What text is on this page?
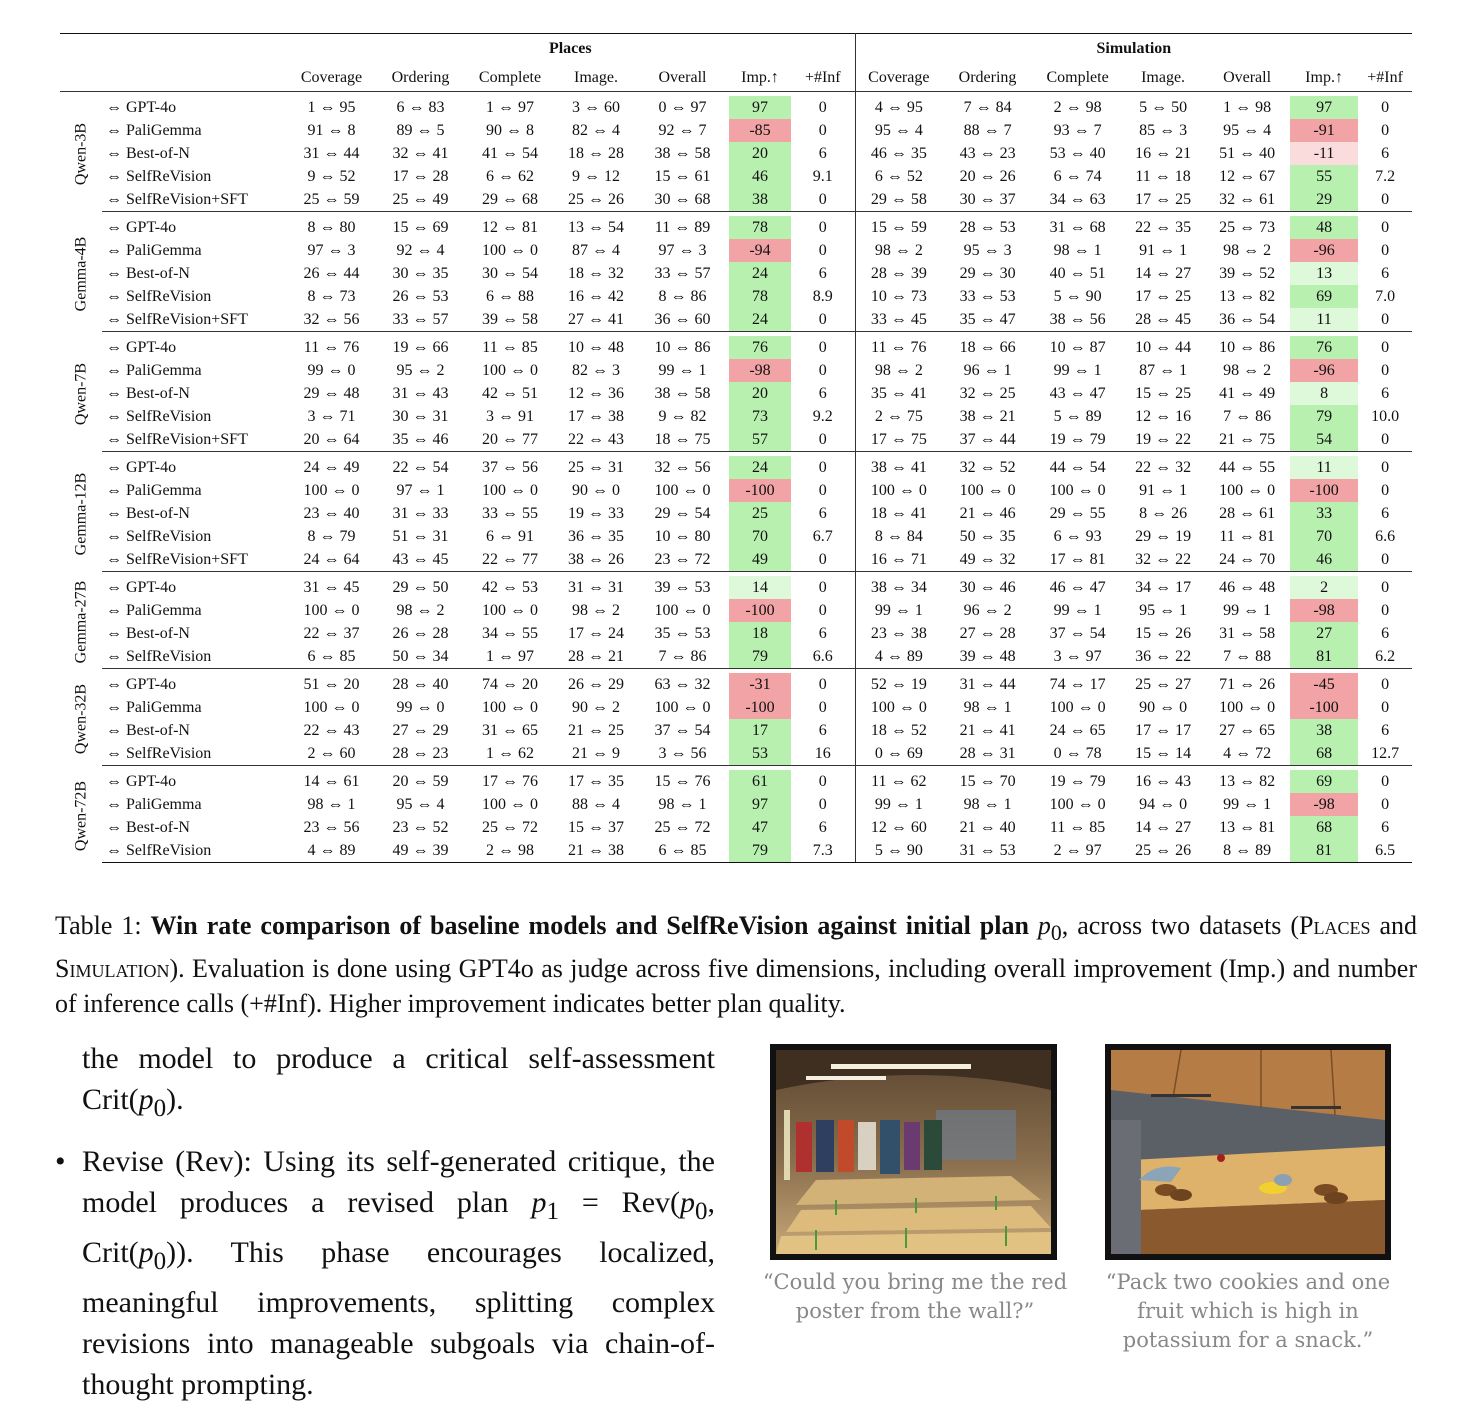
		Places							Simulation						
		Coverage	Ordering	Complete	Image.	Overall	Imp.↑	+#Inf	Coverage	Ordering	Complete	Image.	Overall	Imp.↑	+#Inf

Qwen-3B	⇔ GPT-4o	1 ⇔ 95	6 ⇔ 83	1 ⇔ 97	3 ⇔ 60	0 ⇔ 97	97	0	4 ⇔ 95	7 ⇔ 84	2 ⇔ 98	5 ⇔ 50	1 ⇔ 98	97	0
	⇔ PaliGemma	91 ⇔ 8	89 ⇔ 5	90 ⇔ 8	82 ⇔ 4	92 ⇔ 7	-85	0	95 ⇔ 4	88 ⇔ 7	93 ⇔ 7	85 ⇔ 3	95 ⇔ 4	-91	0
	⇔ Best-of-N	31 ⇔ 44	32 ⇔ 41	41 ⇔ 54	18 ⇔ 28	38 ⇔ 58	20	6	46 ⇔ 35	43 ⇔ 23	53 ⇔ 40	16 ⇔ 21	51 ⇔ 40	-11	6
	⇔ SelfReVision	9 ⇔ 52	17 ⇔ 28	6 ⇔ 62	9 ⇔ 12	15 ⇔ 61	46	9.1	6 ⇔ 52	20 ⇔ 26	6 ⇔ 74	11 ⇔ 18	12 ⇔ 67	55	7.2
	⇔ SelfReVision+SFT	25 ⇔ 59	25 ⇔ 49	29 ⇔ 68	25 ⇔ 26	30 ⇔ 68	38	0	29 ⇔ 58	30 ⇔ 37	34 ⇔ 63	17 ⇔ 25	32 ⇔ 61	29	0

Gemma-4B	⇔ GPT-4o	8 ⇔ 80	15 ⇔ 69	12 ⇔ 81	13 ⇔ 54	11 ⇔ 89	78	0	15 ⇔ 59	28 ⇔ 53	31 ⇔ 68	22 ⇔ 35	25 ⇔ 73	48	0
	⇔ PaliGemma	97 ⇔ 3	92 ⇔ 4	100 ⇔ 0	87 ⇔ 4	97 ⇔ 3	-94	0	98 ⇔ 2	95 ⇔ 3	98 ⇔ 1	91 ⇔ 1	98 ⇔ 2	-96	0
	⇔ Best-of-N	26 ⇔ 44	30 ⇔ 35	30 ⇔ 54	18 ⇔ 32	33 ⇔ 57	24	6	28 ⇔ 39	29 ⇔ 30	40 ⇔ 51	14 ⇔ 27	39 ⇔ 52	13	6
	⇔ SelfReVision	8 ⇔ 73	26 ⇔ 53	6 ⇔ 88	16 ⇔ 42	8 ⇔ 86	78	8.9	10 ⇔ 73	33 ⇔ 53	5 ⇔ 90	17 ⇔ 25	13 ⇔ 82	69	7.0
	⇔ SelfReVision+SFT	32 ⇔ 56	33 ⇔ 57	39 ⇔ 58	27 ⇔ 41	36 ⇔ 60	24	0	33 ⇔ 45	35 ⇔ 47	38 ⇔ 56	28 ⇔ 45	36 ⇔ 54	11	0

Qwen-7B	⇔ GPT-4o	11 ⇔ 76	19 ⇔ 66	11 ⇔ 85	10 ⇔ 48	10 ⇔ 86	76	0	11 ⇔ 76	18 ⇔ 66	10 ⇔ 87	10 ⇔ 44	10 ⇔ 86	76	0
	⇔ PaliGemma	99 ⇔ 0	95 ⇔ 2	100 ⇔ 0	82 ⇔ 3	99 ⇔ 1	-98	0	98 ⇔ 2	96 ⇔ 1	99 ⇔ 1	87 ⇔ 1	98 ⇔ 2	-96	0
	⇔ Best-of-N	29 ⇔ 48	31 ⇔ 43	42 ⇔ 51	12 ⇔ 36	38 ⇔ 58	20	6	35 ⇔ 41	32 ⇔ 25	43 ⇔ 47	15 ⇔ 25	41 ⇔ 49	8	6
	⇔ SelfReVision	3 ⇔ 71	30 ⇔ 31	3 ⇔ 91	17 ⇔ 38	9 ⇔ 82	73	9.2	2 ⇔ 75	38 ⇔ 21	5 ⇔ 89	12 ⇔ 16	7 ⇔ 86	79	10.0
	⇔ SelfReVision+SFT	20 ⇔ 64	35 ⇔ 46	20 ⇔ 77	22 ⇔ 43	18 ⇔ 75	57	0	17 ⇔ 75	37 ⇔ 44	19 ⇔ 79	19 ⇔ 22	21 ⇔ 75	54	0

Gemma-12B	⇔ GPT-4o	24 ⇔ 49	22 ⇔ 54	37 ⇔ 56	25 ⇔ 31	32 ⇔ 56	24	0	38 ⇔ 41	32 ⇔ 52	44 ⇔ 54	22 ⇔ 32	44 ⇔ 55	11	0
	⇔ PaliGemma	100 ⇔ 0	97 ⇔ 1	100 ⇔ 0	90 ⇔ 0	100 ⇔ 0	-100	0	100 ⇔ 0	100 ⇔ 0	100 ⇔ 0	91 ⇔ 1	100 ⇔ 0	-100	0
	⇔ Best-of-N	23 ⇔ 40	31 ⇔ 33	33 ⇔ 55	19 ⇔ 33	29 ⇔ 54	25	6	18 ⇔ 41	21 ⇔ 46	29 ⇔ 55	8 ⇔ 26	28 ⇔ 61	33	6
	⇔ SelfReVision	8 ⇔ 79	51 ⇔ 31	6 ⇔ 91	36 ⇔ 35	10 ⇔ 80	70	6.7	8 ⇔ 84	50 ⇔ 35	6 ⇔ 93	29 ⇔ 19	11 ⇔ 81	70	6.6
	⇔ SelfReVision+SFT	24 ⇔ 64	43 ⇔ 45	22 ⇔ 77	38 ⇔ 26	23 ⇔ 72	49	0	16 ⇔ 71	49 ⇔ 32	17 ⇔ 81	32 ⇔ 22	24 ⇔ 70	46	0

Gemma-27B	⇔ GPT-4o	31 ⇔ 45	29 ⇔ 50	42 ⇔ 53	31 ⇔ 31	39 ⇔ 53	14	0	38 ⇔ 34	30 ⇔ 46	46 ⇔ 47	34 ⇔ 17	46 ⇔ 48	2	0
	⇔ PaliGemma	100 ⇔ 0	98 ⇔ 2	100 ⇔ 0	98 ⇔ 2	100 ⇔ 0	-100	0	99 ⇔ 1	96 ⇔ 2	99 ⇔ 1	95 ⇔ 1	99 ⇔ 1	-98	0
	⇔ Best-of-N	22 ⇔ 37	26 ⇔ 28	34 ⇔ 55	17 ⇔ 24	35 ⇔ 53	18	6	23 ⇔ 38	27 ⇔ 28	37 ⇔ 54	15 ⇔ 26	31 ⇔ 58	27	6
	⇔ SelfReVision	6 ⇔ 85	50 ⇔ 34	1 ⇔ 97	28 ⇔ 21	7 ⇔ 86	79	6.6	4 ⇔ 89	39 ⇔ 48	3 ⇔ 97	36 ⇔ 22	7 ⇔ 88	81	6.2

Qwen-32B	⇔ GPT-4o	51 ⇔ 20	28 ⇔ 40	74 ⇔ 20	26 ⇔ 29	63 ⇔ 32	-31	0	52 ⇔ 19	31 ⇔ 44	74 ⇔ 17	25 ⇔ 27	71 ⇔ 26	-45	0
	⇔ PaliGemma	100 ⇔ 0	99 ⇔ 0	100 ⇔ 0	90 ⇔ 2	100 ⇔ 0	-100	0	100 ⇔ 0	98 ⇔ 1	100 ⇔ 0	90 ⇔ 0	100 ⇔ 0	-100	0
	⇔ Best-of-N	22 ⇔ 43	27 ⇔ 29	31 ⇔ 65	21 ⇔ 25	37 ⇔ 54	17	6	18 ⇔ 52	21 ⇔ 41	24 ⇔ 65	17 ⇔ 17	27 ⇔ 65	38	6
	⇔ SelfReVision	2 ⇔ 60	28 ⇔ 23	1 ⇔ 62	21 ⇔ 9	3 ⇔ 56	53	16	0 ⇔ 69	28 ⇔ 31	0 ⇔ 78	15 ⇔ 14	4 ⇔ 72	68	12.7

Qwen-72B	⇔ GPT-4o	14 ⇔ 61	20 ⇔ 59	17 ⇔ 76	17 ⇔ 35	15 ⇔ 76	61	0	11 ⇔ 62	15 ⇔ 70	19 ⇔ 79	16 ⇔ 43	13 ⇔ 82	69	0
	⇔ PaliGemma	98 ⇔ 1	95 ⇔ 4	100 ⇔ 0	88 ⇔ 4	98 ⇔ 1	97	0	99 ⇔ 1	98 ⇔ 1	100 ⇔ 0	94 ⇔ 0	99 ⇔ 1	-98	0
	⇔ Best-of-N	23 ⇔ 56	23 ⇔ 52	25 ⇔ 72	15 ⇔ 37	25 ⇔ 72	47	6	12 ⇔ 60	21 ⇔ 40	11 ⇔ 85	14 ⇔ 27	13 ⇔ 81	68	6
	⇔ SelfReVision	4 ⇔ 89	49 ⇔ 39	2 ⇔ 98	21 ⇔ 38	6 ⇔ 85	79	7.3	5 ⇔ 90	31 ⇔ 53	2 ⇔ 97	25 ⇔ 26	8 ⇔ 89	81	6.5
Table 1: Win rate comparison of baseline models and SelfReVision against initial plan $p_0$, across two datasets (Places and Simulation). Evaluation is done using GPT4o as judge across five dimensions, including overall improvement (Imp.) and number of inference calls (+#Inf). Higher improvement indicates better plan quality.

the model to produce a critical self-assessment $Crit(p_0)$.

• Revise (Rev): Using its self-generated critique, the model produces a revised plan $p_1 = Rev(p_0$, $Crit(p_0)$). This phase encourages localized, meaningful improvements, splitting complex revisions into manageable subgoals via chain-of-thought prompting.

“Could you bring me the red poster from the wall?”
“Pack two cookies and one fruit which is high in potassium for a snack.”
